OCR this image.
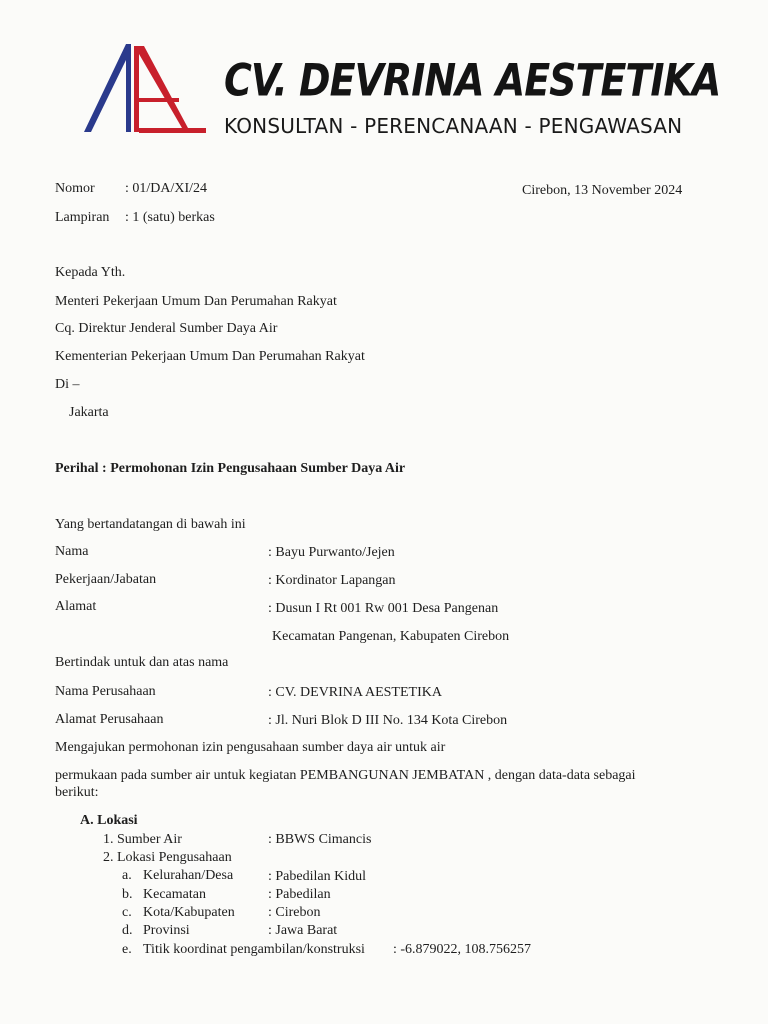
CV. DEVRINA AESTETIKA
KONSULTAN - PERENCANAAN - PENGAWASAN
Nomor : 01/DA/XI/24	Cirebon, 13 November 2024
Lampiran : 1 (satu) berkas
Kepada Yth.
Menteri Pekerjaan Umum Dan Perumahan Rakyat
Cq. Direktur Jenderal Sumber Daya Air
Kementerian Pekerjaan Umum Dan Perumahan Rakyat
Di –
Jakarta
Perihal : Permohonan Izin Pengusahaan Sumber Daya Air
Yang bertandatangan di bawah ini
Nama	: Bayu Purwanto/Jejen
Pekerjaan/Jabatan	: Kordinator Lapangan
Alamat	: Dusun I Rt 001 Rw 001 Desa Pangenan
Kecamatan Pangenan, Kabupaten Cirebon
Bertindak untuk dan atas nama
Nama Perusahaan	: CV. DEVRINA AESTETIKA
Alamat Perusahaan	: Jl. Nuri Blok D III No. 134 Kota Cirebon
Mengajukan permohonan izin pengusahaan sumber daya air untuk air
permukaan pada sumber air untuk kegiatan PEMBANGUNAN JEMBATAN , dengan data-data sebagai
berikut:
A. Lokasi
1. Sumber Air	: BBWS Cimancis
2. Lokasi Pengusahaan
a. Kelurahan/Desa : Pabedilan Kidul
b. Kecamatan	: Pabedilan
c. Kota/Kabupaten : Cirebon
d. Provinsi	: Jawa Barat
e. Titik koordinat pengambilan/konstruksi : -6.879022, 108.756257
